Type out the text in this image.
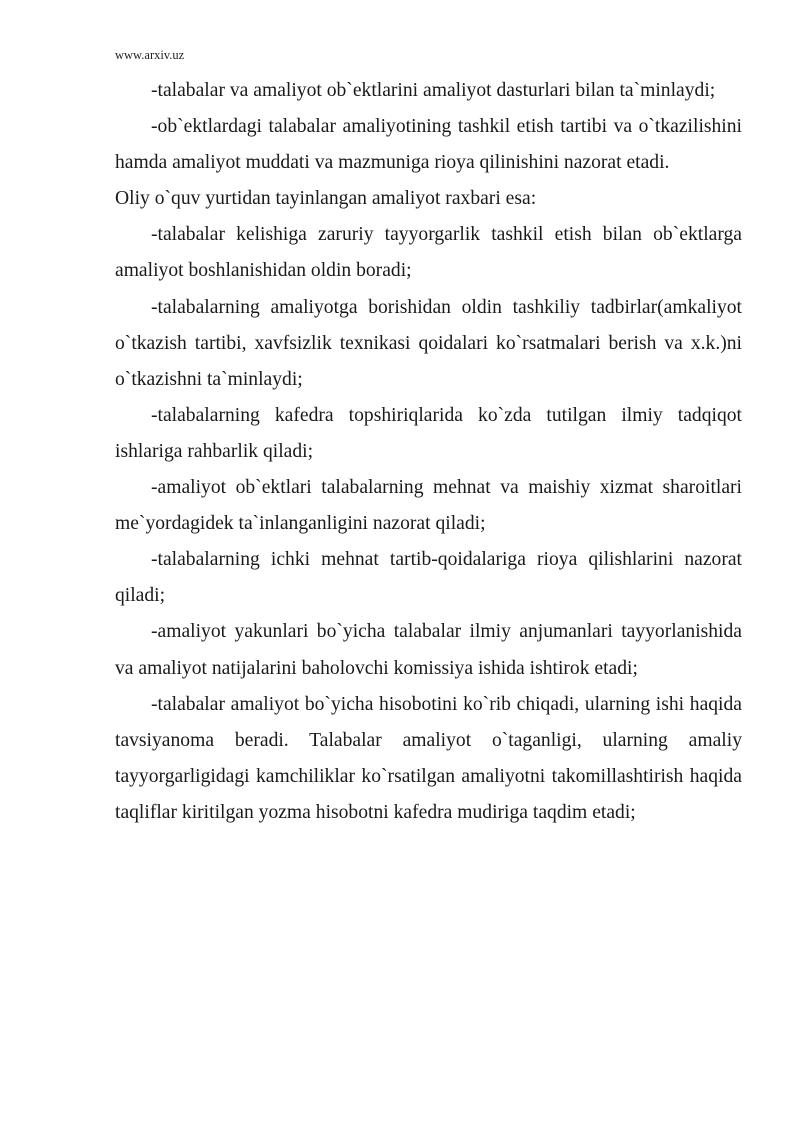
www.arxiv.uz

-talabalar va amaliyot ob`ektlarini amaliyot dasturlari bilan ta`minlaydi;

-ob`ektlardagi talabalar amaliyotining tashkil etish tartibi va o`tkazilishini hamda amaliyot muddati va mazmuniga rioya qilinishini nazorat etadi.

Oliy o`quv yurtidan tayinlangan amaliyot raxbari esa:

-talabalar kelishiga zaruriy tayyorgarlik tashkil etish bilan ob`ektlarga amaliyot boshlanishidan oldin boradi;

-talabalarning amaliyotga borishidan oldin tashkiliy tadbirlar(amkaliyot o`tkazish tartibi, xavfsizlik texnikasi qoidalari ko`rsatmalari berish va x.k.)ni o`tkazishni ta`minlaydi;

-talabalarning kafedra topshiriqlarida ko`zda tutilgan ilmiy tadqiqot ishlariga rahbarlik qiladi;

-amaliyot ob`ektlari talabalarning mehnat va maishiy xizmat sharoitlari me`yordagidek ta`inlanganligini nazorat qiladi;

-talabalarning ichki mehnat tartib-qoidalariga rioya qilishlarini nazorat qiladi;

-amaliyot yakunlari bo`yicha talabalar ilmiy anjumanlari tayyorlanishida va amaliyot natijalarini baholovchi komissiya ishida ishtirok etadi;

-talabalar amaliyot bo`yicha hisobotini ko`rib chiqadi, ularning ishi haqida tavsiyanoma beradi. Talabalar amaliyot o`taganligi, ularning amaliy tayyorgarligidagi kamchiliklar ko`rsatilgan amaliyotni takomillashtirish haqida taqliflar kiritilgan yozma hisobotni kafedra mudiriga taqdim etadi;
